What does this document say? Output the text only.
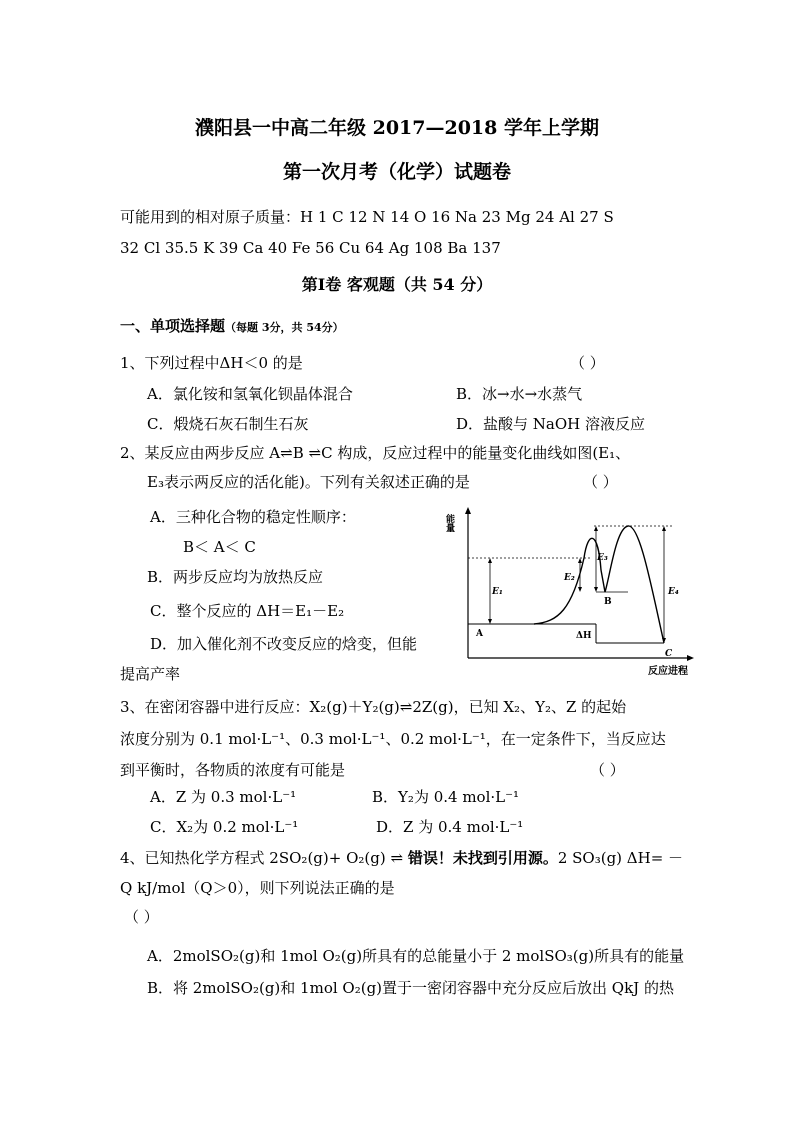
濮阳县一中高二年级 2017—2018 学年上学期
第一次月考（化学）试题卷
可能用到的相对原子质量：H 1 C 12 N 14 O 16 Na 23 Mg 24 Al 27 S
32 Cl 35.5 K 39 Ca 40 Fe 56 Cu 64 Ag 108 Ba 137
第Ⅰ卷 客观题（共 54 分）
一、单项选择题（每题 3分，共 54分）
1、下列过程中ΔH＜0 的是	（ ）
A．氯化铵和氢氧化钡晶体混合	B．冰→水→水蒸气
C．煅烧石灰石制生石灰	D．盐酸与 NaOH 溶液反应
2、某反应由两步反应 A⇌B ⇌C 构成，反应过程中的能量变化曲线如图(E₁、
E₃表示两反应的活化能)。下列有关叙述正确的是	（ ）
A．三种化合物的稳定性顺序：
B＜ A＜ C
B．两步反应均为放热反应
C．整个反应的 ΔH＝E₁－E₂
D．加入催化剂不改变反应的焓变，但能
提高产率
能量
反应进程
A
B
C
E₁
E₂
E₃
E₄
ΔH
3、在密闭容器中进行反应：X₂(g)＋Y₂(g)⇌2Z(g)，已知 X₂、Y₂、Z 的起始
浓度分别为 0.1 mol·L⁻¹、0.3 mol·L⁻¹、0.2 mol·L⁻¹，在一定条件下，当反应达
到平衡时，各物质的浓度有可能是	（ ）
A．Z 为 0.3 mol·L⁻¹	B．Y₂为 0.4 mol·L⁻¹
C．X₂为 0.2 mol·L⁻¹	D．Z 为 0.4 mol·L⁻¹
4、已知热化学方程式 2SO₂(g)+ O₂(g) ⇌ 错误！未找到引用源。2 SO₃(g) ΔH= －
Q kJ/mol（Q＞0），则下列说法正确的是
（ ）
A．2molSO₂(g)和 1mol O₂(g)所具有的总能量小于 2 molSO₃(g)所具有的能量
B．将 2molSO₂(g)和 1mol O₂(g)置于一密闭容器中充分反应后放出 QkJ 的热
